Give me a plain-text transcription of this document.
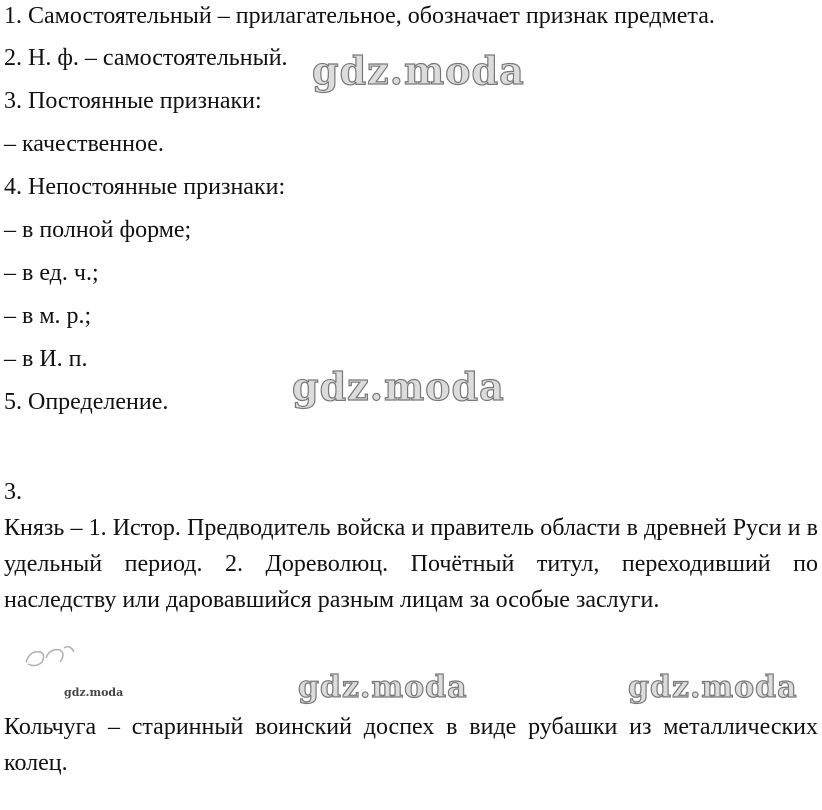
1. Самостоятельный – прилагательное, обозначает признак предмета.

2. Н. ф. – самостоятельный.

3. Постоянные признаки:

– качественное.

4. Непостоянные признаки:

– в полной форме;

– в ед. ч.;

– в м. р.;

– в И. п.

5. Определение.

3.

Князь – 1. Истор. Предводитель войска и правитель области в древней Руси и в удельный период. 2. Дореволюц. Почётный титул, переходивший по наследству или даровавшийся разным лицам за особые заслуги.

Кольчуга – старинный воинский доспех в виде рубашки из металлических колец.

gdz.moda
gdz.moda
gdz.moda	gdz.moda
gdz.moda
